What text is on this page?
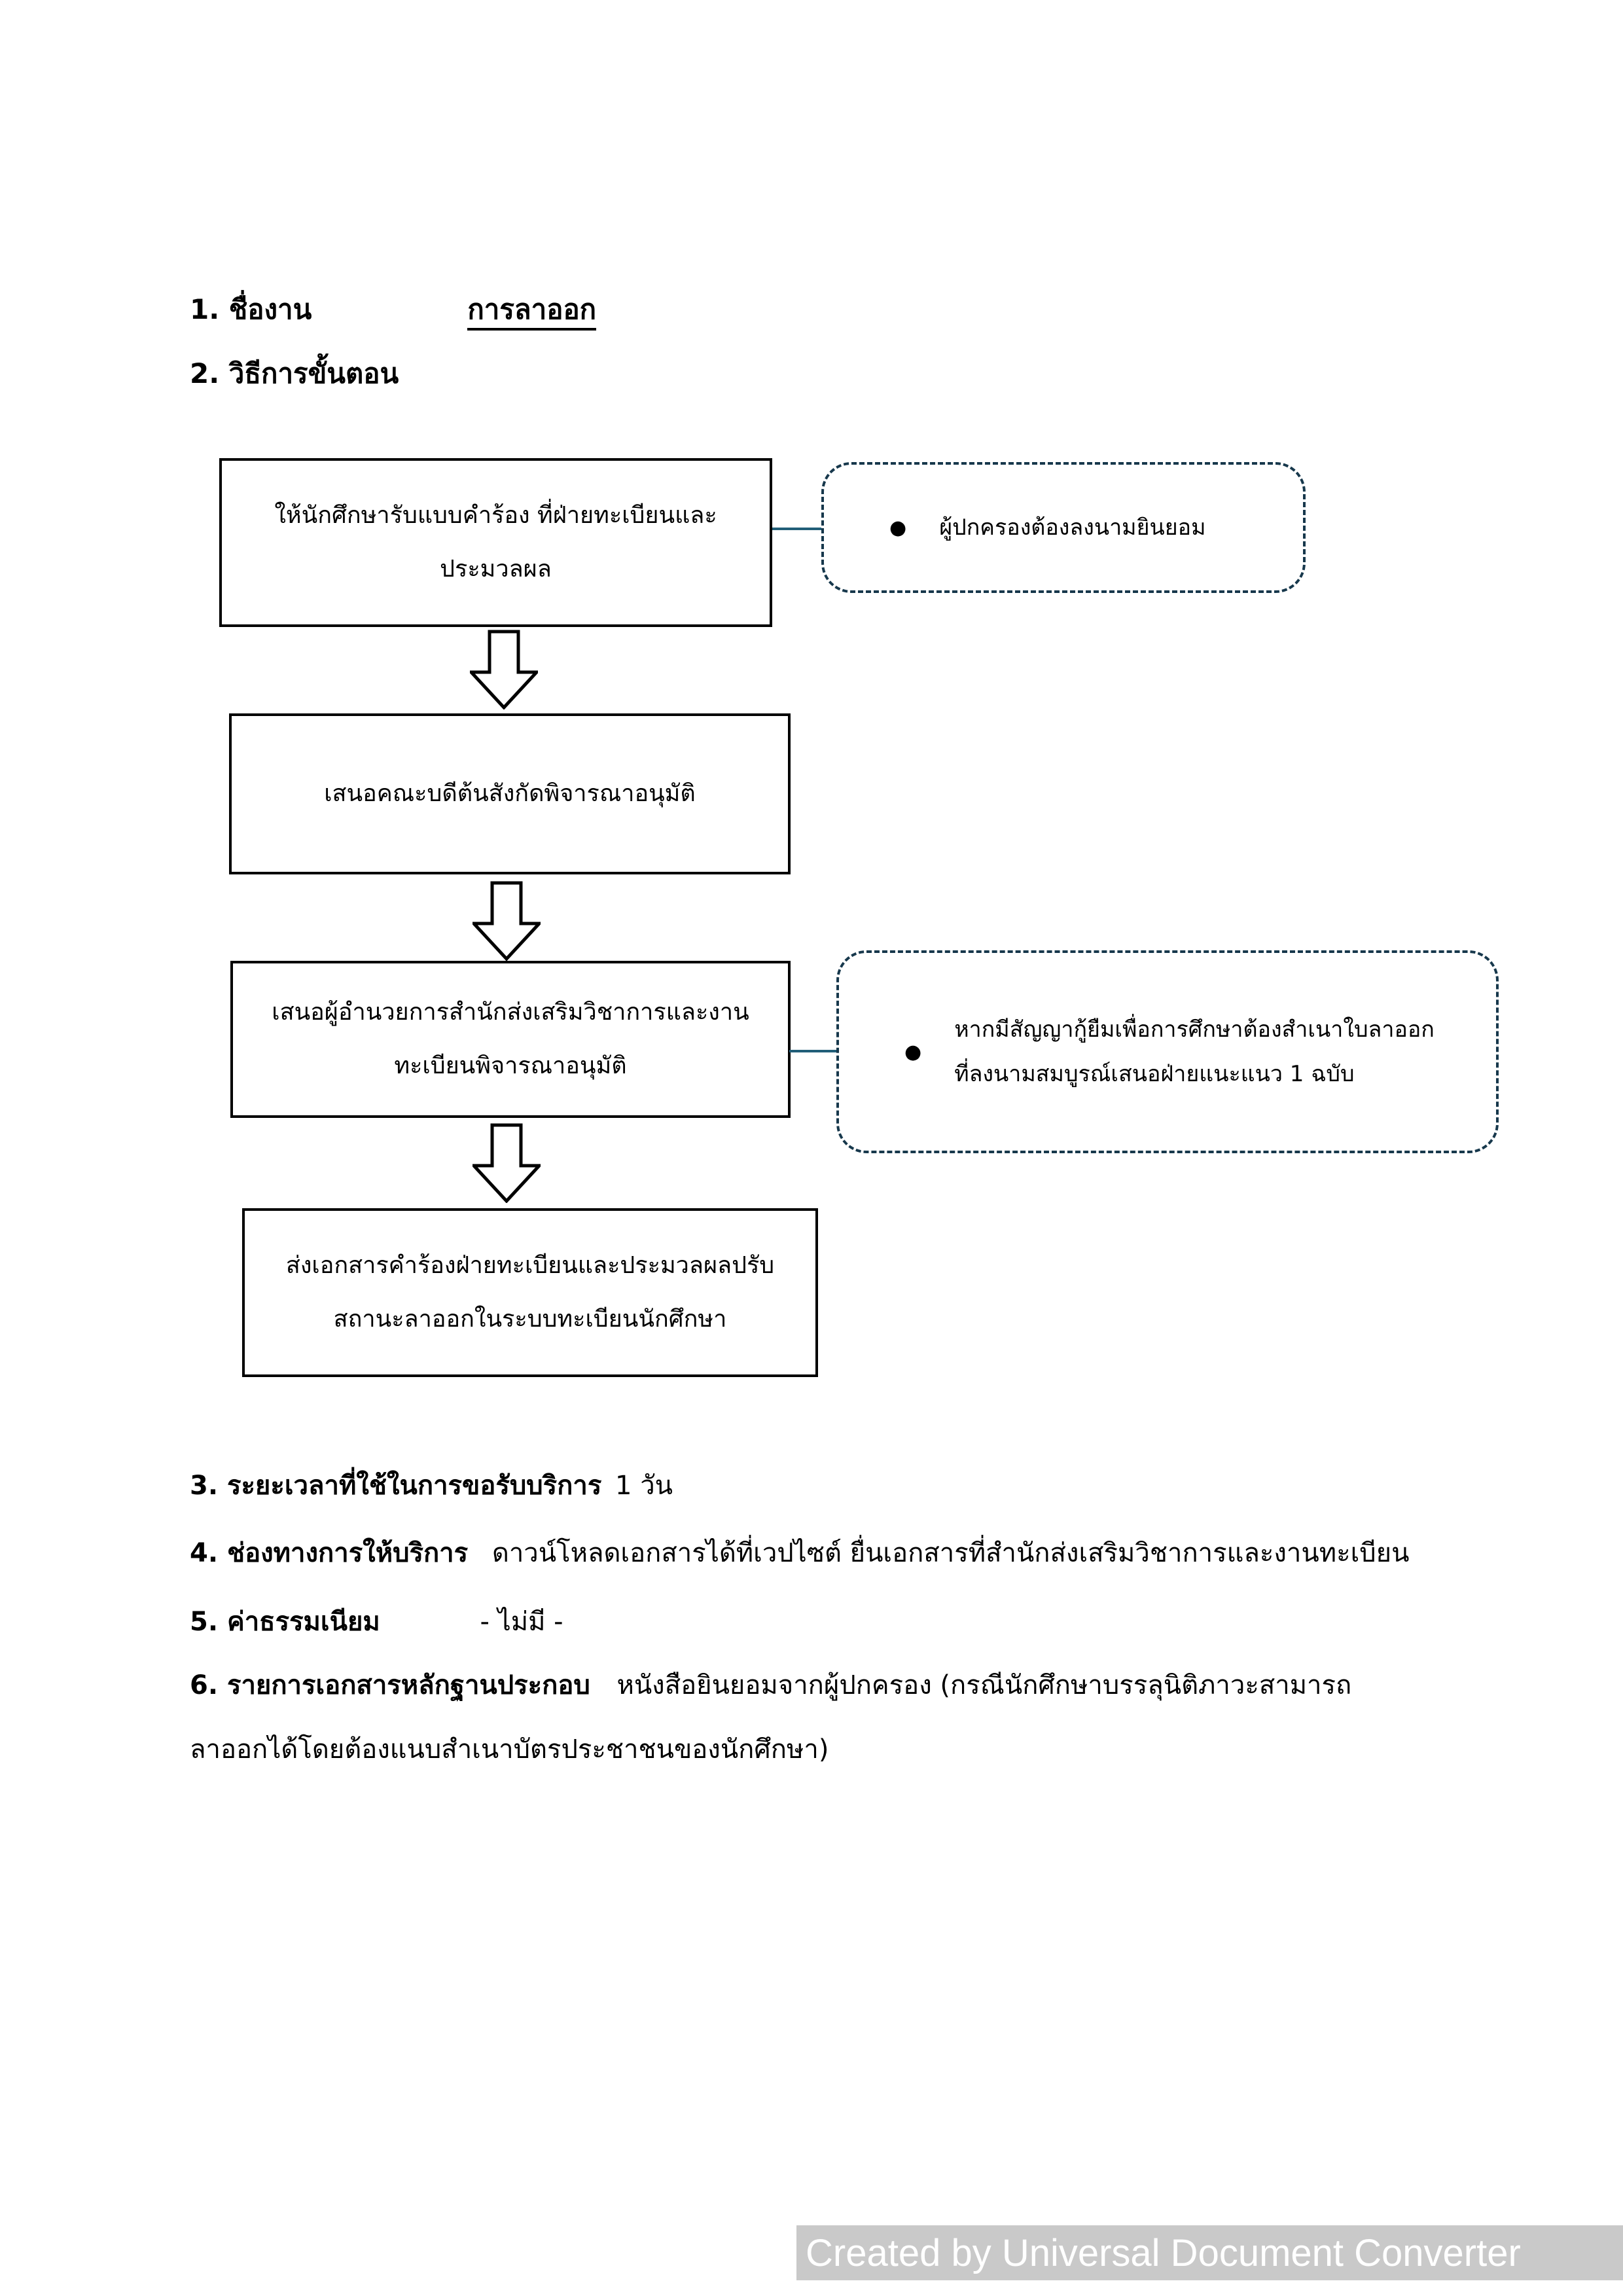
1. ชื่องาน	การลาออก
2. วิธีการขั้นตอน
ให้นักศึกษารับแบบคำร้อง ที่ฝ่ายทะเบียนและ
ประมวลผล
● ผู้ปกครองต้องลงนามยินยอม
เสนอคณะบดีต้นสังกัดพิจารณาอนุมัติ
เสนอผู้อำนวยการสำนักส่งเสริมวิชาการและงาน
ทะเบียนพิจารณาอนุมัติ
●
หากมีสัญญากู้ยืมเพื่อการศึกษาต้องสำเนาใบลาออก
ที่ลงนามสมบูรณ์เสนอฝ่ายแนะแนว 1 ฉบับ
ส่งเอกสารคำร้องฝ่ายทะเบียนและประมวลผลปรับ
สถานะลาออกในระบบทะเบียนนักศึกษา
3. ระยะเวลาที่ใช้ในการขอรับบริการ 1 วัน
4. ช่องทางการให้บริการ ดาวน์โหลดเอกสารได้ที่เวปไซต์ ยื่นเอกสารที่สำนักส่งเสริมวิชาการและงานทะเบียน
5. ค่าธรรมเนียม	- ไม่มี -
6. รายการเอกสารหลักฐานประกอบ หนังสือยินยอมจากผู้ปกครอง (กรณีนักศึกษาบรรลุนิติภาวะสามารถ
ลาออกได้โดยต้องแนบสำเนาบัตรประชาชนของนักศึกษา)
Created by Universal Document Converter
